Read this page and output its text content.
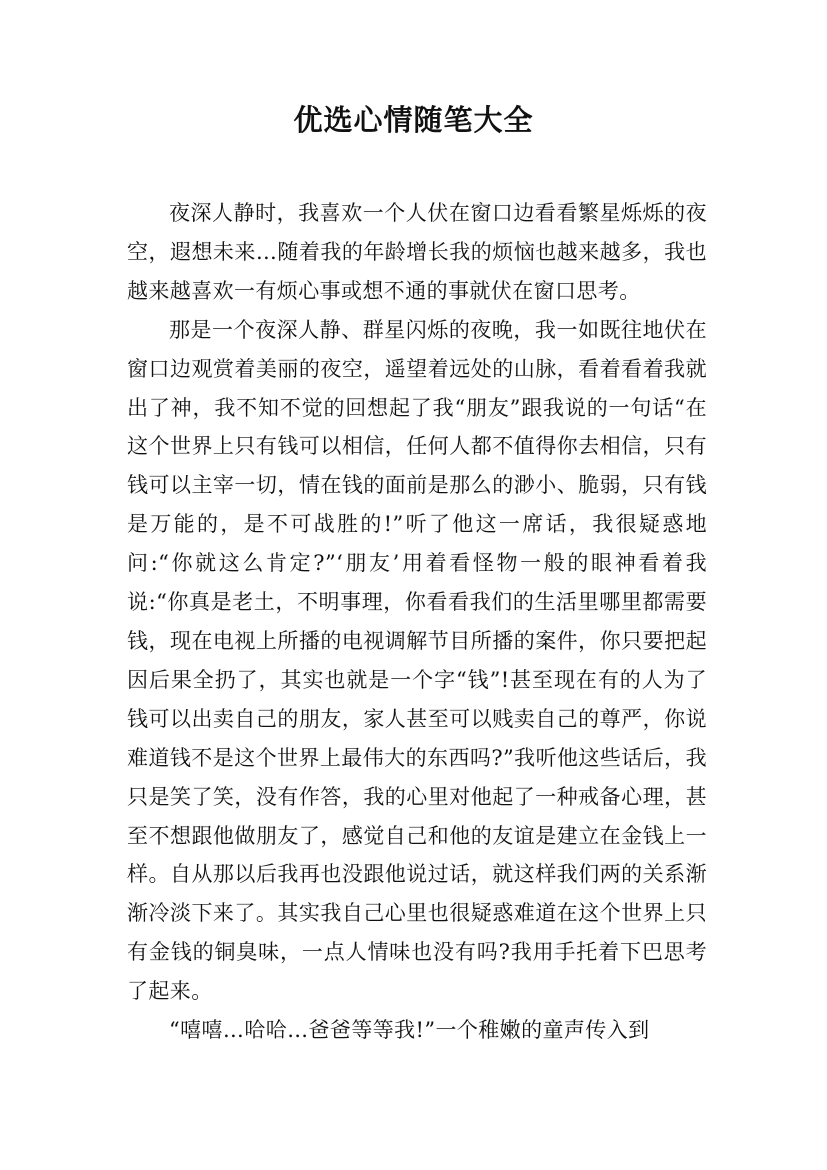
优选心情随笔大全

夜深人静时，我喜欢一个人伏在窗口边看看繁星烁烁的夜空，遐想未来…随着我的年龄增长我的烦恼也越来越多，我也越来越喜欢一有烦心事或想不通的事就伏在窗口思考。

那是一个夜深人静、群星闪烁的夜晚，我一如既往地伏在窗口边观赏着美丽的夜空，遥望着远处的山脉，看着看着我就出了神，我不知不觉的回想起了我“朋友”跟我说的一句话“在这个世界上只有钱可以相信，任何人都不值得你去相信，只有钱可以主宰一切，情在钱的面前是那么的渺小、脆弱，只有钱是万能的，是不可战胜的!”听了他这一席话，我很疑惑地问:“你就这么肯定?”‘朋友’用着看怪物一般的眼神看着我说:“你真是老土，不明事理，你看看我们的生活里哪里都需要钱，现在电视上所播的电视调解节目所播的案件，你只要把起因后果全扔了，其实也就是一个字“钱”!甚至现在有的人为了钱可以出卖自己的朋友，家人甚至可以贱卖自己的尊严，你说难道钱不是这个世界上最伟大的东西吗?”我听他这些话后，我只是笑了笑，没有作答，我的心里对他起了一种戒备心理，甚至不想跟他做朋友了，感觉自己和他的友谊是建立在金钱上一样。自从那以后我再也没跟他说过话，就这样我们两的关系渐渐冷淡下来了。其实我自己心里也很疑惑难道在这个世界上只有金钱的铜臭味，一点人情味也没有吗?我用手托着下巴思考了起来。

“嘻嘻…哈哈…爸爸等等我!”一个稚嫩的童声传入到
